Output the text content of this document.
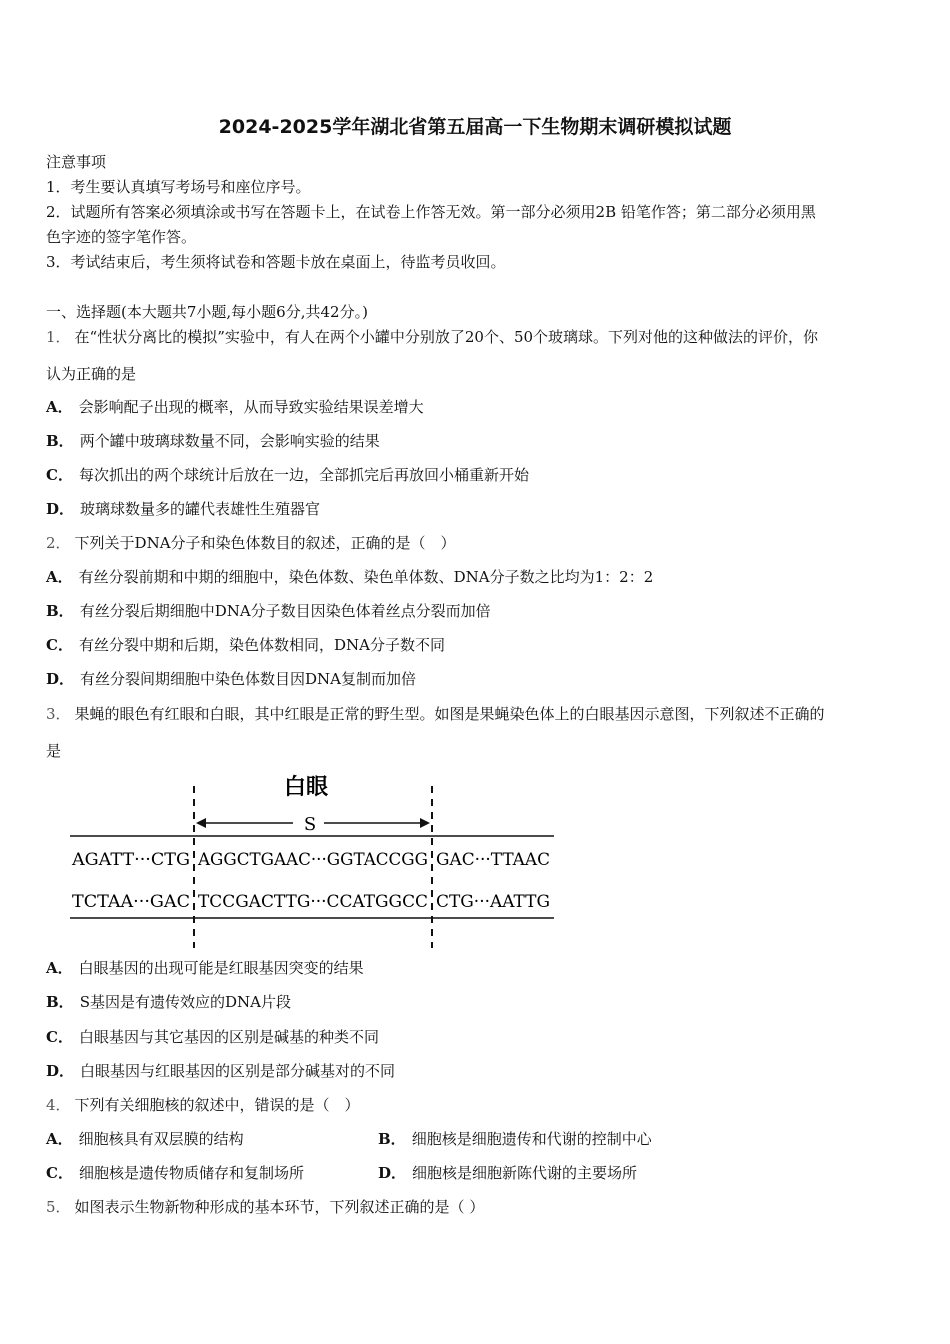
2024-2025学年湖北省第五届高一下生物期末调研模拟试题
注意事项
1．考生要认真填写考场号和座位序号。
2．试题所有答案必须填涂或书写在答题卡上，在试卷上作答无效。第一部分必须用2B 铅笔作答；第二部分必须用黑
色字迹的签字笔作答。
3．考试结束后，考生须将试卷和答题卡放在桌面上，待监考员收回。
一、选择题(本大题共7小题,每小题6分,共42分。)
1． 在“性状分离比的模拟”实验中，有人在两个小罐中分别放了20个、50个玻璃球。下列对他的这种做法的评价，你
认为正确的是
A． 会影响配子出现的概率，从而导致实验结果误差增大
B． 两个罐中玻璃球数量不同，会影响实验的结果
C． 每次抓出的两个球统计后放在一边，全部抓完后再放回小桶重新开始
D． 玻璃球数量多的罐代表雄性生殖器官
2． 下列关于DNA分子和染色体数目的叙述，正确的是（　）
A． 有丝分裂前期和中期的细胞中，染色体数、染色单体数、DNA分子数之比均为1：2：2
B． 有丝分裂后期细胞中DNA分子数目因染色体着丝点分裂而加倍
C． 有丝分裂中期和后期，染色体数相同，DNA分子数不同
D． 有丝分裂间期细胞中染色体数目因DNA复制而加倍
3． 果蝇的眼色有红眼和白眼，其中红眼是正常的野生型。如图是果蝇染色体上的白眼基因示意图，下列叙述不正确的
是
白眼
S
AGATT···CTG AGGCTGAAC···GGTACCGG GAC···TTAAC
TCTAA···GAC TCCGACTTG···CCATGGCC CTG···AATTG
A． 白眼基因的出现可能是红眼基因突变的结果
B． S基因是有遗传效应的DNA片段
C． 白眼基因与其它基因的区别是碱基的种类不同
D． 白眼基因与红眼基因的区别是部分碱基对的不同
4． 下列有关细胞核的叙述中，错误的是（　）
A． 细胞核具有双层膜的结构	B． 细胞核是细胞遗传和代谢的控制中心
C． 细胞核是遗传物质储存和复制场所	D． 细胞核是细胞新陈代谢的主要场所
5． 如图表示生物新物种形成的基本环节，下列叙述正确的是（ ）
